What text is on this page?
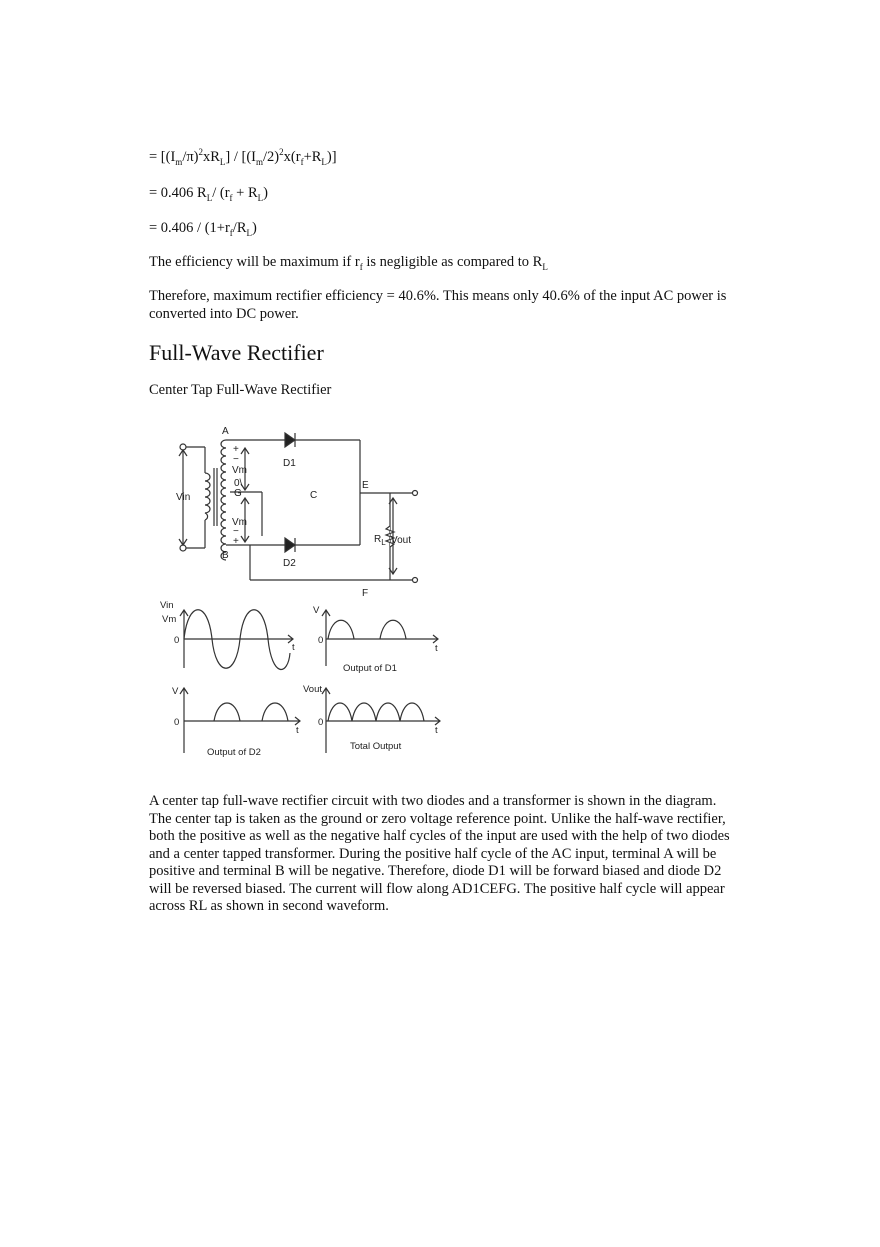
= $[(I_m/\pi)^2xR_L] / [(I_m/2)^2x(r_f+R_L)]$

= 0.406 $R_L/$ $(r_f + R_L)$

= $0.406 / (1+r_f/R_L)$

The efficiency will be maximum if $r_f$ is negligible as compared to $R_L$

Therefore, maximum rectifier efficiency = 40.6%. This means only 40.6% of the input AC power is converted into DC power.

Full-Wave Rectifier

Center Tap Full-Wave Rectifier

A
B
C
E
F
G
D1
D2
Vin
Vm
Vm
0\
+
−
−
+	$R_L$ Vout
Vin
Vm
0
t
V
0
t
Output of D1
V
0
t
Output of D2
Vout
0
t
Total Output

A center tap full-wave rectifier circuit with two diodes and a transformer is shown in the diagram. The center tap is taken as the ground or zero voltage reference point. Unlike the half-wave rectifier, both the positive as well as the negative half cycles of the input are used with the help of two diodes and a center tapped transformer. During the positive half cycle of the AC input, terminal A will be positive and terminal B will be negative. Therefore, diode D1 will be forward biased and diode D2 will be reversed biased. The current will flow along AD1CEFG. The positive half cycle will appear across RL as shown in second waveform.
